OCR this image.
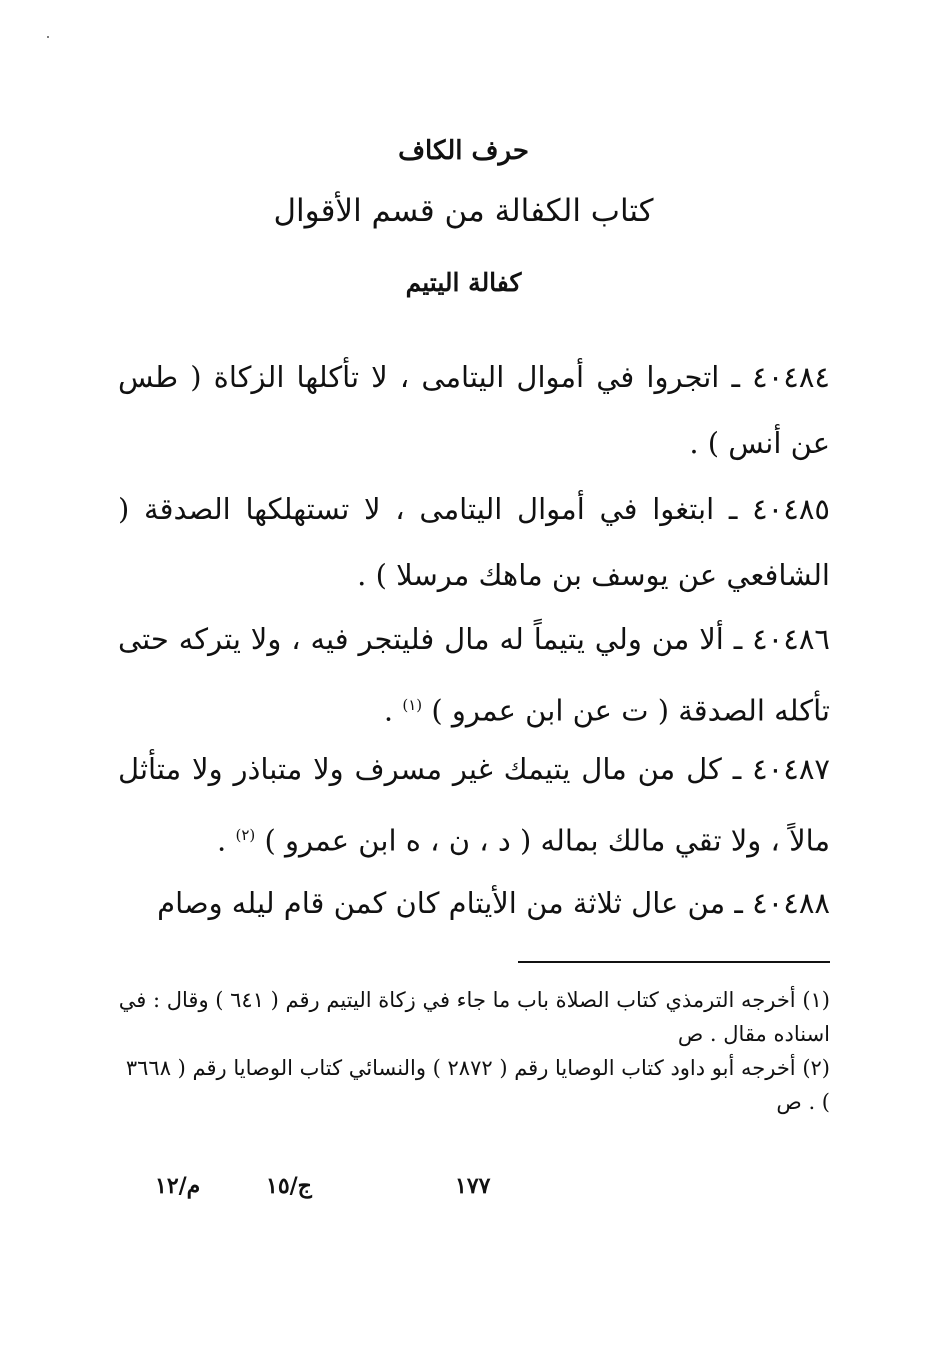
حرف الكاف
كتاب الكفالة من قسم الأقوال
كفالة اليتيم
٤٠٤٨٤ ـ اتجروا في أموال اليتامى ، لا تأكلها الزكاة ( طس عن أنس ) .
٤٠٤٨٥ ـ ابتغوا في أموال اليتامى ، لا تستهلكها الصدقة ( الشافعي عن يوسف بن ماهك مرسلا ) .
٤٠٤٨٦ ـ ألا من ولي يتيماً له مال فليتجر فيه ، ولا يتركه حتى تأكله الصدقة ( ت عن ابن عمرو ) $^{(١)}$ .
٤٠٤٨٧ ـ كل من مال يتيمك غير مسرف ولا متباذر ولا متأثل مالاً ، ولا تقي مالك بماله ( د ، ن ، ه ابن عمرو ) $^{(٢)}$ .
٤٠٤٨٨ ـ من عال ثلاثة من الأيتام كان كمن قام ليله وصام

(١) أخرجه الترمذي كتاب الصلاة باب ما جاء في زكاة اليتيم رقم ( ٦٤١ ) وقال : في اسناده مقال . ص

(٢) أخرجه أبو داود كتاب الوصايا رقم ( ٢٨٧٢ ) والنسائي كتاب الوصايا رقم ( ٣٦٦٨ ) . ص

١٧٧
ج/١٥
م/١٢
